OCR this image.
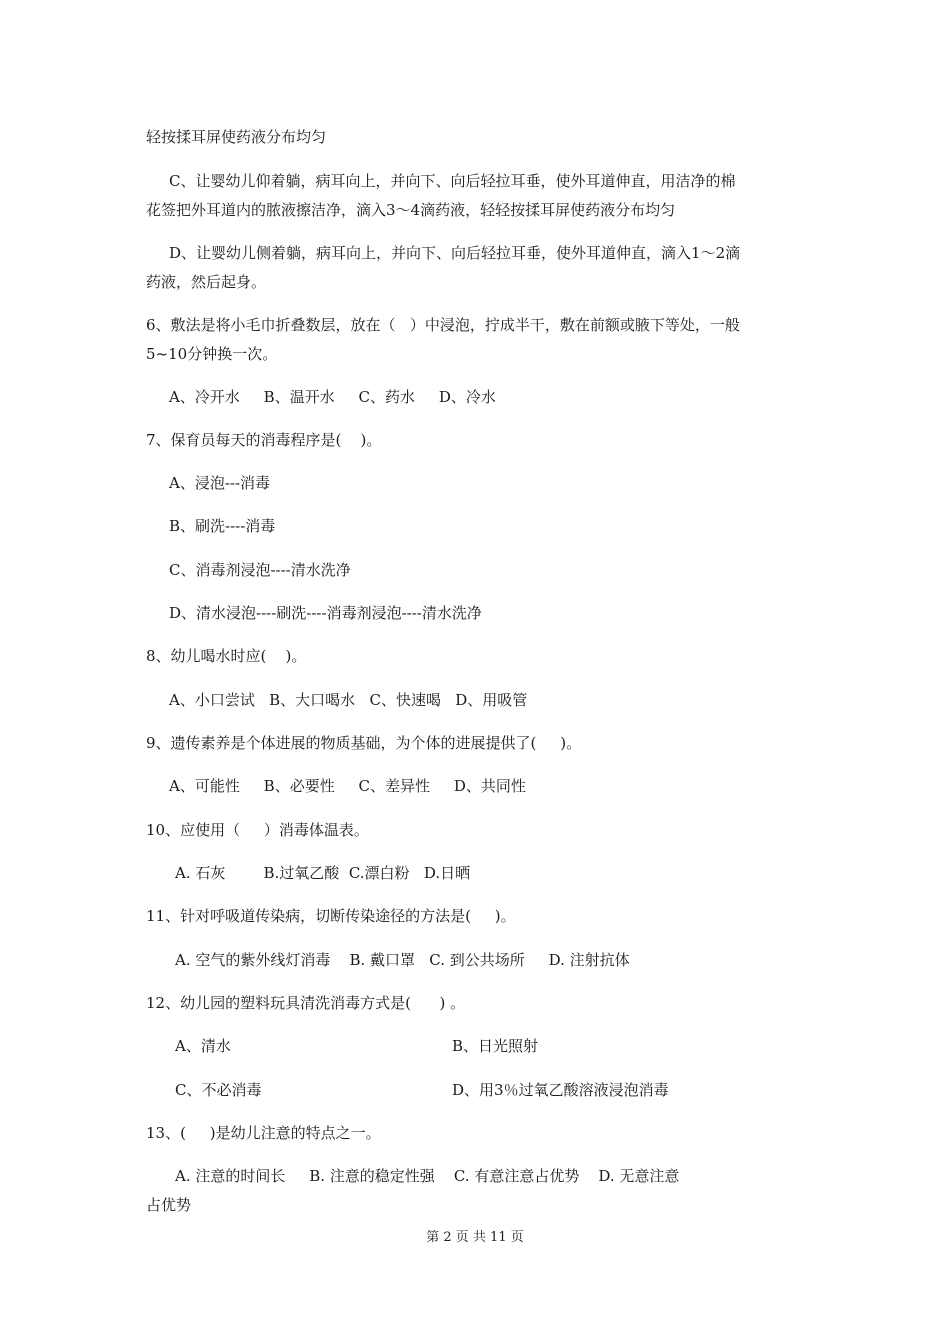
轻按揉耳屏使药液分布均匀
C、让婴幼儿仰着躺，病耳向上，并向下、向后轻拉耳垂，使外耳道伸直，用洁净的棉
花签把外耳道内的脓液擦洁净，滴入3～4滴药液，轻轻按揉耳屏使药液分布均匀
D、让婴幼儿侧着躺，病耳向上，并向下、向后轻拉耳垂，使外耳道伸直，滴入1～2滴
药液，然后起身。
6、敷法是将小毛巾折叠数层，放在（   ）中浸泡，拧成半干，敷在前额或腋下等处，一般
5~10分钟换一次。
A、冷开水     B、温开水     C、药水     D、冷水
7、保育员每天的消毒程序是(    )。
A、浸泡---消毒
B、刷洗----消毒
C、消毒剂浸泡----清水洗净
D、清水浸泡----刷洗----消毒剂浸泡----清水洗净
8、幼儿喝水时应(    )。
A、小口尝试   B、大口喝水   C、快速喝   D、用吸管
9、遗传素养是个体进展的物质基础，为个体的进展提供了(     )。
A、可能性     B、必要性     C、差异性     D、共同性
10、应使用（     ）消毒体温表。
A. 石灰        B.过氧乙酸  C.漂白粉   D.日晒
11、针对呼吸道传染病，切断传染途径的方法是(     )。
A. 空气的紫外线灯消毒    B. 戴口罩   C. 到公共场所     D. 注射抗体
12、幼儿园的塑料玩具清洗消毒方式是(      ) 。
A、清水	B、日光照射
C、不必消毒	D、用3％过氧乙酸溶液浸泡消毒
13、(     )是幼儿注意的特点之一。
A. 注意的时间长     B. 注意的稳定性强    C. 有意注意占优势    D. 无意注意
占优势
第 2 页 共 11 页
